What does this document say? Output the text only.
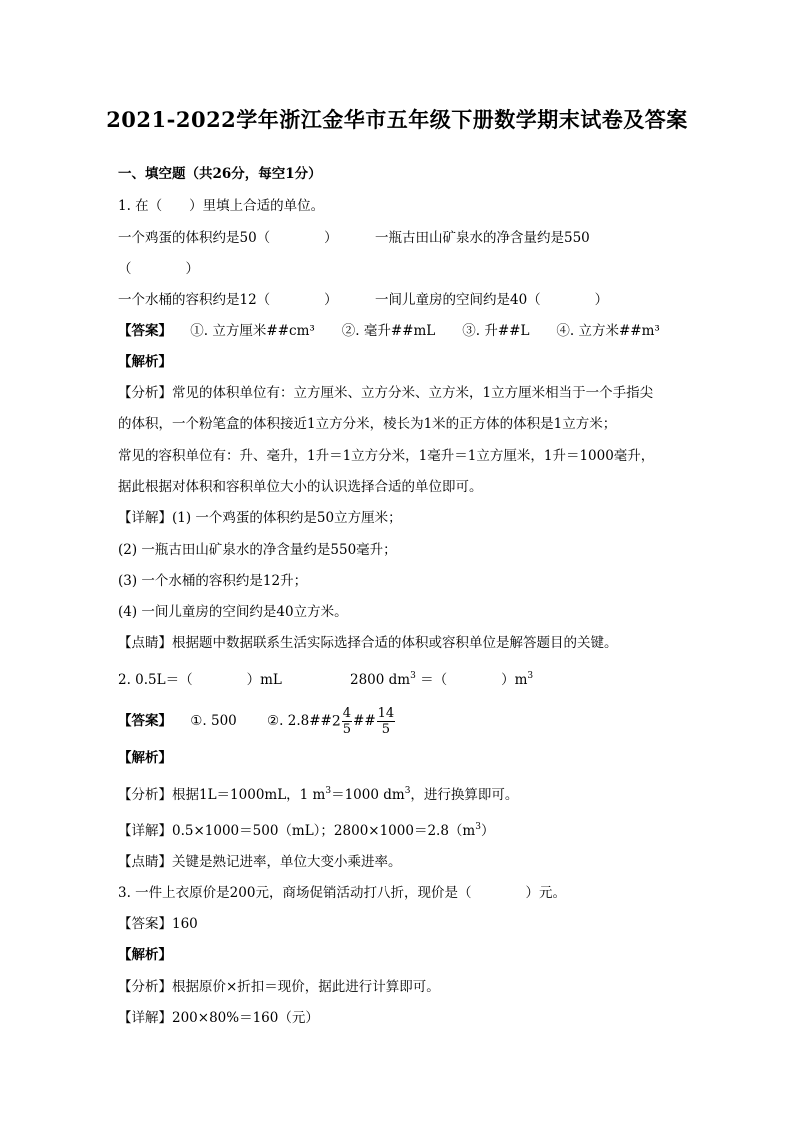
2021-2022学年浙江金华市五年级下册数学期末试卷及答案
一、填空题（共26分，每空1分）
1. 在（　　）里填上合适的单位。
一个鸡蛋的体积约是50（　　　　）	一瓶古田山矿泉水的净含量约是550
（　　　　）
一个水桶的容积约是12（　　　　）	一间儿童房的空间约是40（　　　　）
【答案】 ①. 立方厘米##cm³　　②. 毫升##mL　　③. 升##L　　④. 立方米##m³
【解析】
【分析】常见的体积单位有：立方厘米、立方分米、立方米，1立方厘米相当于一个手指尖
的体积，一个粉笔盒的体积接近1立方分米，棱长为1米的正方体的体积是1立方米；
常见的容积单位有：升、毫升，1升＝1立方分米，1毫升＝1立方厘米，1升＝1000毫升，
据此根据对体积和容积单位大小的认识选择合适的单位即可。
【详解】(1) 一个鸡蛋的体积约是50立方厘米；
(2) 一瓶古田山矿泉水的净含量约是550毫升；
(3) 一个水桶的容积约是12升；
(4) 一间儿童房的空间约是40立方米。
【点睛】根据题中数据联系生活实际选择合适的体积或容积单位是解答题目的关键。
2. 0.5L＝（　　　　）mL	2800 $dm^3$ ＝（　　　　）$m^3$
【答案】 ①. 500 ②. 2.8##2 $\frac{4}{5}$ ## $\frac{14}{5}$
【解析】
【分析】根据1L＝1000mL，1 $m^3=1000$ $dm^3$，进行换算即可。
【详解】0.5×1000＝500（mL）；$2800\times 1000=2.8(m^3)$
【点睛】关键是熟记进率，单位大变小乘进率。
3. 一件上衣原价是200元，商场促销活动打八折，现价是（　　　　）元。
【答案】160
【解析】
【分析】根据原价×折扣＝现价，据此进行计算即可。
【详解】200×80%＝160（元）
